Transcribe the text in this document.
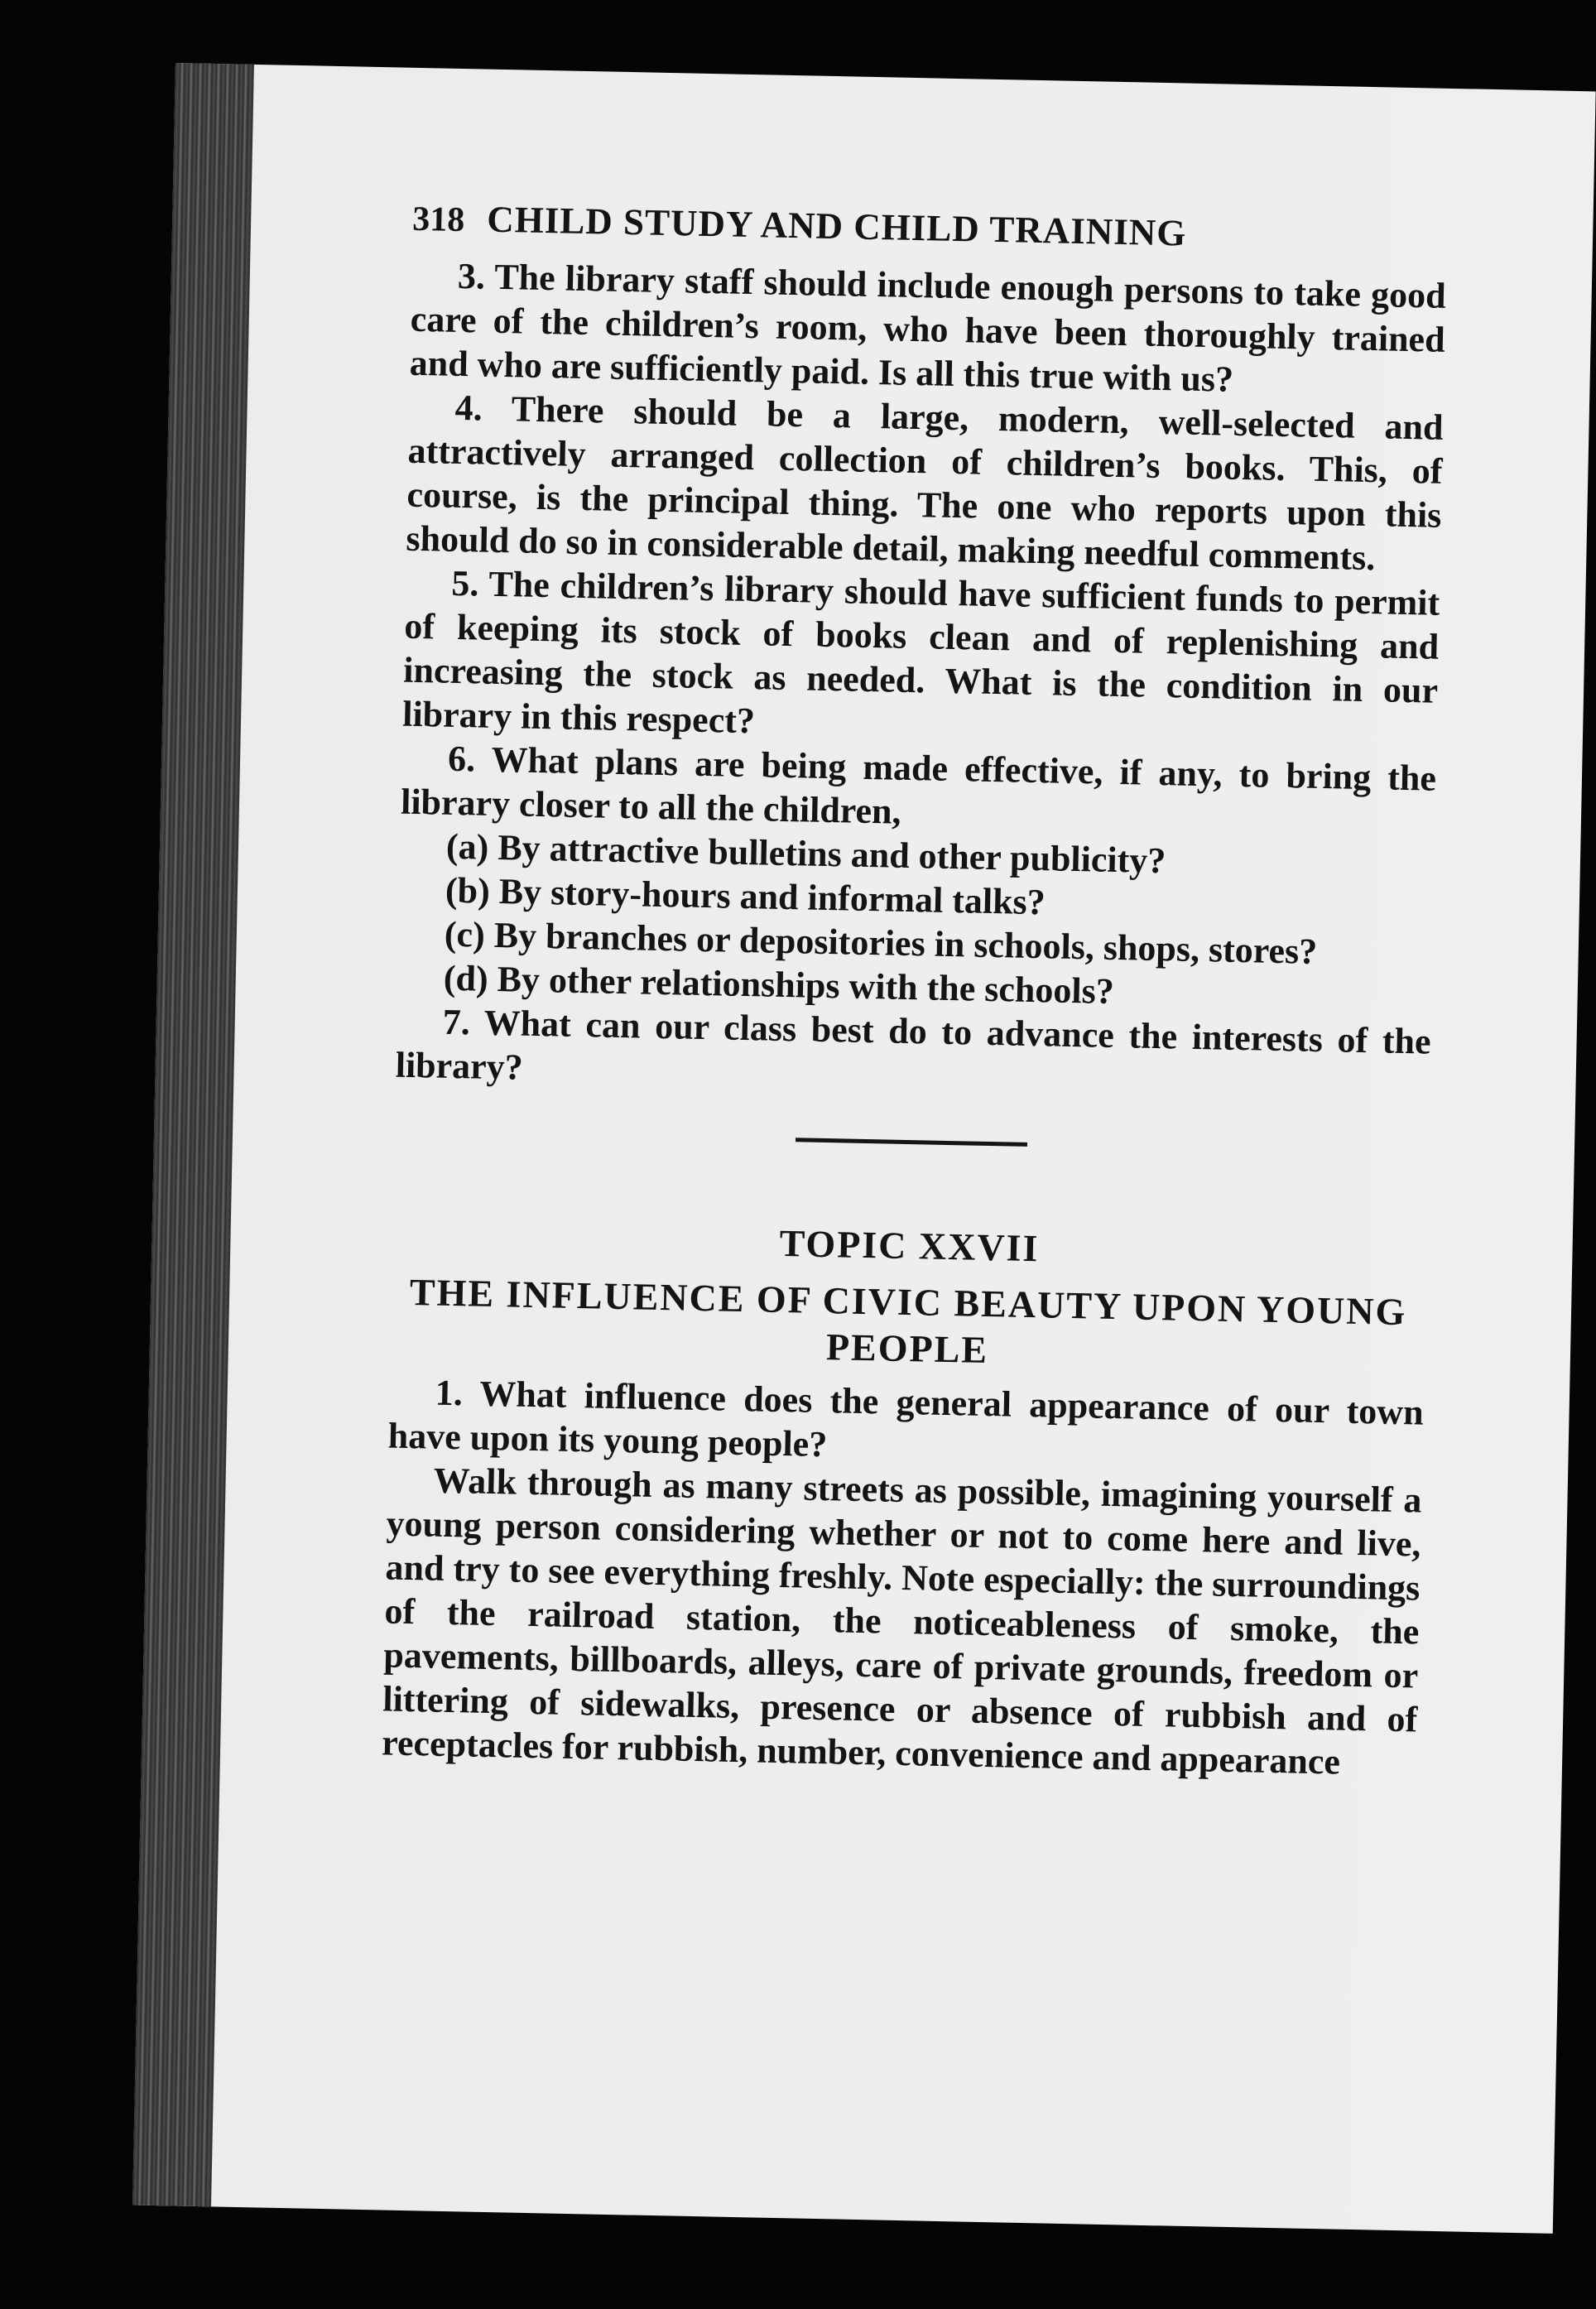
318 CHILD STUDY AND CHILD TRAINING

3. The library staff should include enough persons to take good care of the children’s room, who have been thoroughly trained and who are sufficiently paid. Is all this true with us?

4. There should be a large, modern, well-selected and attractively arranged collection of children’s books. This, of course, is the principal thing. The one who reports upon this should do so in considerable detail, making needful comments.

5. The children’s library should have sufficient funds to permit of keeping its stock of books clean and of replenishing and increasing the stock as needed. What is the condition in our library in this respect?

6. What plans are being made effective, if any, to bring the library closer to all the children,

(a) By attractive bulletins and other publicity?

(b) By story-hours and informal talks?

(c) By branches or depositories in schools, shops, stores?

(d) By other relationships with the schools?

7. What can our class best do to advance the interests of the library?

TOPIC XXVII

THE INFLUENCE OF CIVIC BEAUTY UPON YOUNG PEOPLE

1. What influence does the general appearance of our town have upon its young people?

Walk through as many streets as possible, imagining yourself a young person considering whether or not to come here and live, and try to see everything freshly. Note especially: the surroundings of the railroad station, the noticeableness of smoke, the pavements, billboards, alleys, care of private grounds, freedom or littering of sidewalks, presence or absence of rubbish and of receptacles for rubbish, number, convenience and appearance
